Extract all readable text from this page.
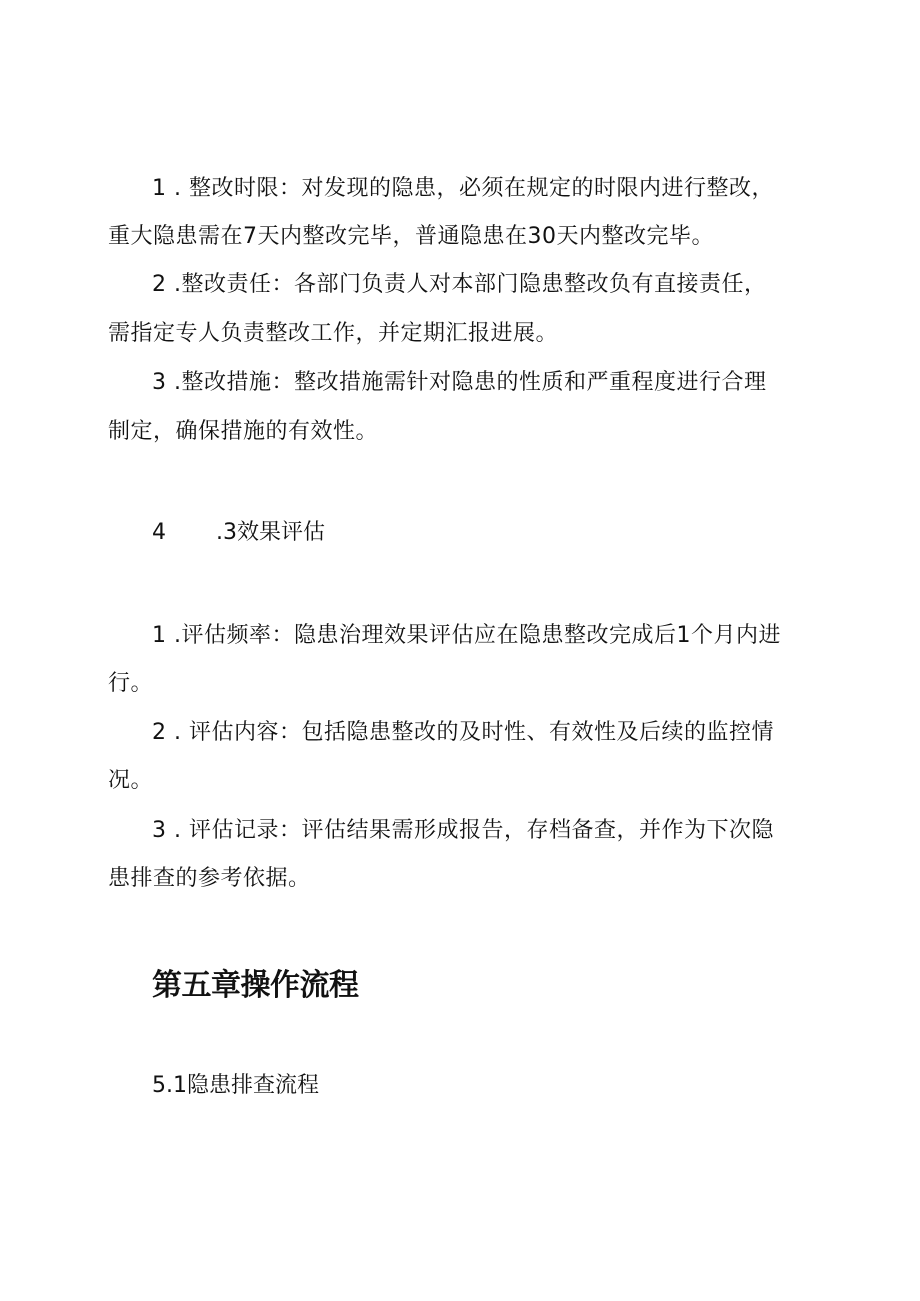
1 . 整改时限：对发现的隐患，必须在规定的时限内进行整改，
重大隐患需在7天内整改完毕，普通隐患在30天内整改完毕。
2 .整改责任：各部门负责人对本部门隐患整改负有直接责任，
需指定专人负责整改工作，并定期汇报进展。
3 .整改措施：整改措施需针对隐患的性质和严重程度进行合理
制定，确保措施的有效性。
4 .3效果评估
1 .评估频率：隐患治理效果评估应在隐患整改完成后1个月内进
行。
2 . 评估内容：包括隐患整改的及时性、有效性及后续的监控情
况。
3 . 评估记录：评估结果需形成报告，存档备查，并作为下次隐
患排查的参考依据。
第五章操作流程
5.1隐患排查流程
